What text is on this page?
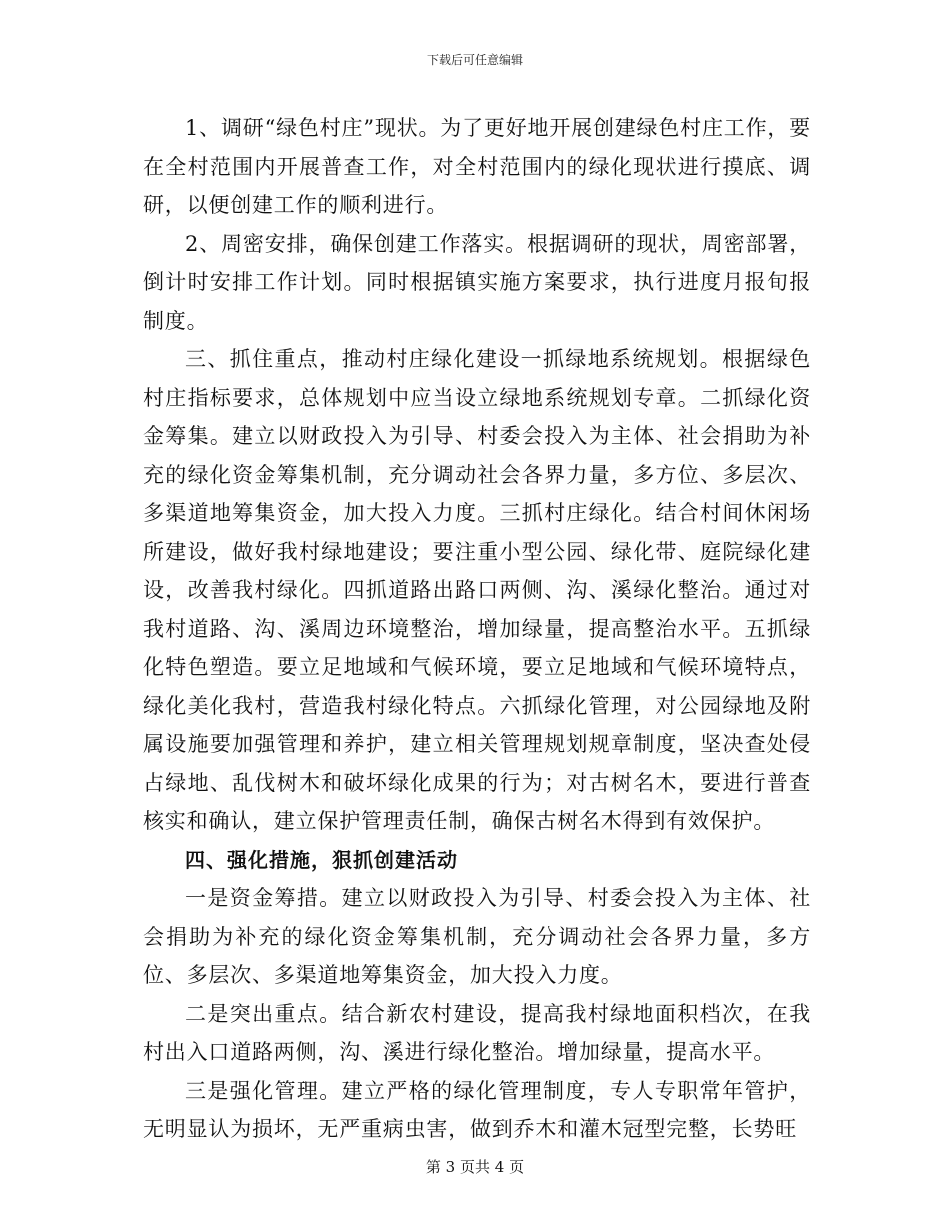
下载后可任意编辑

1、调研“绿色村庄”现状。为了更好地开展创建绿色村庄工作，要在全村范围内开展普查工作，对全村范围内的绿化现状进行摸底、调研，以便创建工作的顺利进行。

2、周密安排，确保创建工作落实。根据调研的现状，周密部署，倒计时安排工作计划。同时根据镇实施方案要求，执行进度月报旬报制度。

三、抓住重点，推动村庄绿化建设一抓绿地系统规划。根据绿色村庄指标要求，总体规划中应当设立绿地系统规划专章。二抓绿化资金筹集。建立以财政投入为引导、村委会投入为主体、社会捐助为补充的绿化资金筹集机制，充分调动社会各界力量，多方位、多层次、多渠道地筹集资金，加大投入力度。三抓村庄绿化。结合村间休闲场所建设，做好我村绿地建设；要注重小型公园、绿化带、庭院绿化建设，改善我村绿化。四抓道路出路口两侧、沟、溪绿化整治。通过对我村道路、沟、溪周边环境整治，增加绿量，提高整治水平。五抓绿化特色塑造。要立足地域和气候环境，要立足地域和气候环境特点，绿化美化我村，营造我村绿化特点。六抓绿化管理，对公园绿地及附属设施要加强管理和养护，建立相关管理规划规章制度，坚决查处侵占绿地、乱伐树木和破坏绿化成果的行为；对古树名木，要进行普查核实和确认，建立保护管理责任制，确保古树名木得到有效保护。

四、强化措施，狠抓创建活动

一是资金筹措。建立以财政投入为引导、村委会投入为主体、社会捐助为补充的绿化资金筹集机制，充分调动社会各界力量，多方位、多层次、多渠道地筹集资金，加大投入力度。

二是突出重点。结合新农村建设，提高我村绿地面积档次，在我村出入口道路两侧，沟、溪进行绿化整治。增加绿量，提高水平。

三是强化管理。建立严格的绿化管理制度，专人专职常年管护，无明显认为损坏，无严重病虫害，做到乔木和灌木冠型完整，长势旺

第 3 页共 4 页
